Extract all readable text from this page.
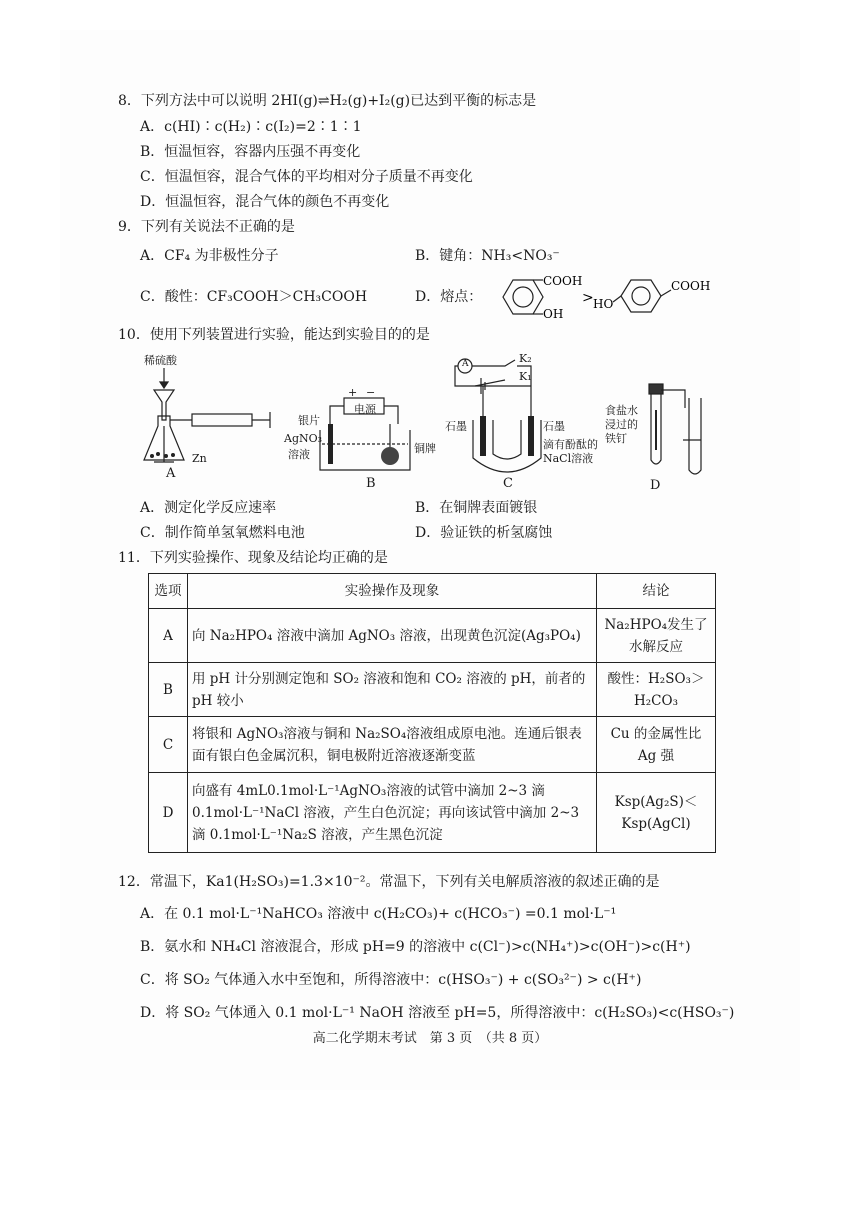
8．下列方法中可以说明 2HI(g)⇌H₂(g)+I₂(g)已达到平衡的标志是
A．c(HI)∶c(H₂)∶c(I₂)=2∶1∶1
B．恒温恒容，容器内压强不再变化
C．恒温恒容，混合气体的平均相对分子质量不再变化
D．恒温恒容，混合气体的颜色不再变化
9．下列有关说法不正确的是
A．CF₄ 为非极性分子	B．键角：NH₃<NO₃⁻
C．酸性：CF₃COOH＞CH₃COOH	D．熔点：
COOH
OH
> HO
COOH
10．使用下列装置进行实验，能达到实验目的的是
稀硫酸
Zn
A
+ −
电源
银片
AgNO₃
溶液	铜牌
B
A	K₂
K₁
石墨	石墨
滴有酚酞的
NaCl溶液
C
食盐水
浸过的
铁钉
D
A．测定化学反应速率	B．在铜牌表面镀银
C．制作简单氢氧燃料电池	D．验证铁的析氢腐蚀
11．下列实验操作、现象及结论均正确的是
选项	实验操作及现象	结论
A	向 Na₂HPO₄ 溶液中滴加 AgNO₃ 溶液，出现黄色沉淀(Ag₃PO₄)	Na₂HPO₄发生了水解反应
B	用 pH 计分别测定饱和 SO₂ 溶液和饱和 CO₂ 溶液的 pH，前者的 pH 较小	酸性：H₂SO₃＞H₂CO₃
C	将银和 AgNO₃溶液与铜和 Na₂SO₄溶液组成原电池。连通后银表面有银白色金属沉积，铜电极附近溶液逐渐变蓝	Cu 的金属性比 Ag 强
D	向盛有 4mL0.1mol·L⁻¹AgNO₃溶液的试管中滴加 2~3 滴 0.1mol·L⁻¹NaCl 溶液，产生白色沉淀；再向该试管中滴加 2~3 滴 0.1mol·L⁻¹Na₂S 溶液，产生黑色沉淀	Ksp(Ag₂S)＜Ksp(AgCl)
12．常温下，Ka1(H₂SO₃)=1.3×10⁻²。常温下，下列有关电解质溶液的叙述正确的是
A．在 0.1 mol·L⁻¹NaHCO₃ 溶液中 c(H₂CO₃)+ c(HCO₃⁻) =0.1 mol·L⁻¹
B．氨水和 NH₄Cl 溶液混合，形成 pH=9 的溶液中 c(Cl⁻)>c(NH₄⁺)>c(OH⁻)>c(H⁺)
C．将 SO₂ 气体通入水中至饱和，所得溶液中：c(HSO₃⁻) + c(SO₃²⁻) > c(H⁺)
D．将 SO₂ 气体通入 0.1 mol·L⁻¹ NaOH 溶液至 pH=5，所得溶液中：c(H₂SO₃)<c(HSO₃⁻)
高二化学期末考试　第 3 页　（共 8 页）
